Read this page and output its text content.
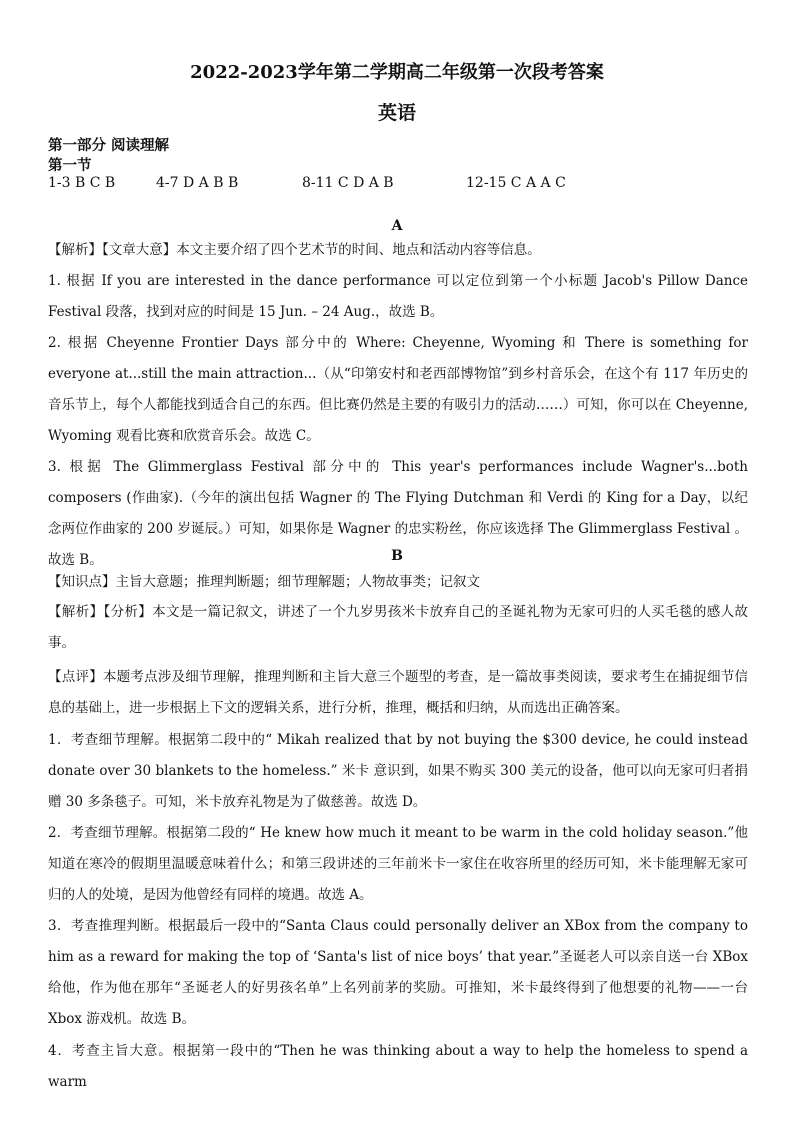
2022-2023学年第二学期高二年级第一次段考答案
英语
第一部分 阅读理解
第一节
1-3 B C B	4-7 D A B B	8-11 C D A B	12-15 C A A C
A
【解析】【文章大意】本文主要介绍了四个艺术节的时间、地点和活动内容等信息。
1. 根据 If you are interested in the dance performance 可以定位到第一个小标题 Jacob's Pillow Dance Festival 段落，找到对应的时间是 15 Jun. – 24 Aug.，故选 B。
2. 根据 Cheyenne Frontier Days 部分中的 Where: Cheyenne, Wyoming 和 There is something for everyone at...still the main attraction...（从“印第安村和老西部博物馆”到乡村音乐会，在这个有 117 年历史的音乐节上，每个人都能找到适合自己的东西。但比赛仍然是主要的有吸引力的活动……）可知，你可以在 Cheyenne, Wyoming 观看比赛和欣赏音乐会。故选 C。
3. 根据 The Glimmerglass Festival 部分中的 This year's performances include Wagner's...both composers (作曲家).（今年的演出包括 Wagner 的 The Flying Dutchman 和 Verdi 的 King for a Day，以纪念两位作曲家的 200 岁诞辰。）可知，如果你是 Wagner 的忠实粉丝，你应该选择 The Glimmerglass Festival 。故选 B。	B
【知识点】主旨大意题；推理判断题；细节理解题；人物故事类；记叙文
【解析】【分析】本文是一篇记叙文，讲述了一个九岁男孩米卡放弃自己的圣诞礼物为无家可归的人买毛毯的感人故事。
【点评】本题考点涉及细节理解，推理判断和主旨大意三个题型的考查，是一篇故事类阅读，要求考生在捕捉细节信息的基础上，进一步根据上下文的逻辑关系，进行分析，推理，概括和归纳，从而选出正确答案。
1．考查细节理解。根据第二段中的“ Mikah realized that by not buying the $300 device, he could instead donate over 30 blankets to the homeless.” 米卡 意识到，如果不购买 300 美元的设备，他可以向无家可归者捐赠 30 多条毯子。可知，米卡放弃礼物是为了做慈善。故选 D。
2．考查细节理解。根据第二段的“ He knew how much it meant to be warm in the cold holiday season.”他知道在寒冷的假期里温暖意味着什么；和第三段讲述的三年前米卡一家住在收容所里的经历可知，米卡能理解无家可归的人的处境，是因为他曾经有同样的境遇。故选 A。
3．考查推理判断。根据最后一段中的“Santa Claus could personally deliver an XBox from the company to him as a reward for making the top of ‘Santa's list of nice boys’ that year.”圣诞老人可以亲自送一台 XBox 给他，作为他在那年“圣诞老人的好男孩名单”上名列前茅的奖励。可推知，米卡最终得到了他想要的礼物——一台 Xbox 游戏机。故选 B。
4．考查主旨大意。根据第一段中的“Then he was thinking about a way to help the homeless to spend a warm
